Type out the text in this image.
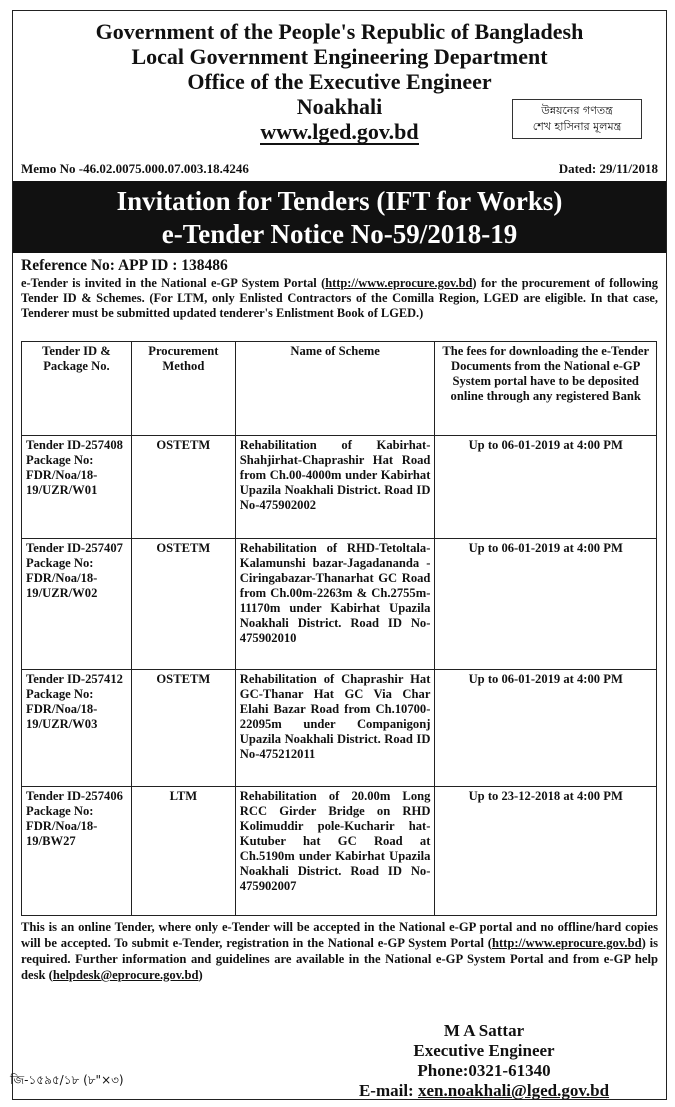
Government of the People's Republic of Bangladesh
Local Government Engineering Department
Office of the Executive Engineer
Noakhali
www.lged.gov.bd
উন্নয়নের গণতন্ত্র
শেখ হাসিনার মূলমন্ত্র
Memo No -46.02.0075.000.07.003.18.4246	Dated: 29/11/2018
Invitation for Tenders (IFT for Works)
e-Tender Notice No-59/2018-19
Reference No: APP ID : 138486
e-Tender is invited in the National e-GP System Portal (http://www.eprocure.gov.bd) for the procurement of following Tender ID & Schemes. (For LTM, only Enlisted Contractors of the Comilla Region, LGED are eligible. In that case, Tenderer must be submitted updated tenderer's Enlistment Book of LGED.)
Tender ID & Package No.	Procurement Method	Name of Scheme	The fees for downloading the e-Tender Documents from the National e-GP System portal have to be deposited online through any registered Bank
Tender ID-257408 Package No: FDR/Noa/18-19/UZR/W01	OSTETM	Rehabilitation of Kabirhat-Shahjirhat-Chaprashir Hat Road from Ch.00-4000m under Kabirhat Upazila Noakhali District. Road ID No-475902002	Up to 06-01-2019 at 4:00 PM
Tender ID-257407 Package No: FDR/Noa/18-19/UZR/W02	OSTETM	Rehabilitation of RHD-Tetoltala-Kalamunshi bazar-Jagadananda -Ciringabazar-Thanarhat GC Road from Ch.00m-2263m & Ch.2755m-11170m under Kabirhat Upazila Noakhali District. Road ID No-475902010	Up to 06-01-2019 at 4:00 PM
Tender ID-257412 Package No: FDR/Noa/18-19/UZR/W03	OSTETM	Rehabilitation of Chaprashir Hat GC-Thanar Hat GC Via Char Elahi Bazar Road from Ch.10700-22095m under Companigonj Upazila Noakhali District. Road ID No-475212011	Up to 06-01-2019 at 4:00 PM
Tender ID-257406 Package No: FDR/Noa/18-19/BW27	LTM	Rehabilitation of 20.00m Long RCC Girder Bridge on RHD Kolimuddir pole-Kucharir hat-Kutuber hat GC Road at Ch.5190m under Kabirhat Upazila Noakhali District. Road ID No-475902007	Up to 23-12-2018 at 4:00 PM
This is an online Tender, where only e-Tender will be accepted in the National e-GP portal and no offline/hard copies will be accepted. To submit e-Tender, registration in the National e-GP System Portal (http://www.eprocure.gov.bd) is required. Further information and guidelines are available in the National e-GP System Portal and from e-GP help desk (helpdesk@eprocure.gov.bd)
M A Sattar
Executive Engineer
Phone:0321-61340
E-mail: xen.noakhali@lged.gov.bd
জি-১৫৯৫/১৮ (৮"×৩)
